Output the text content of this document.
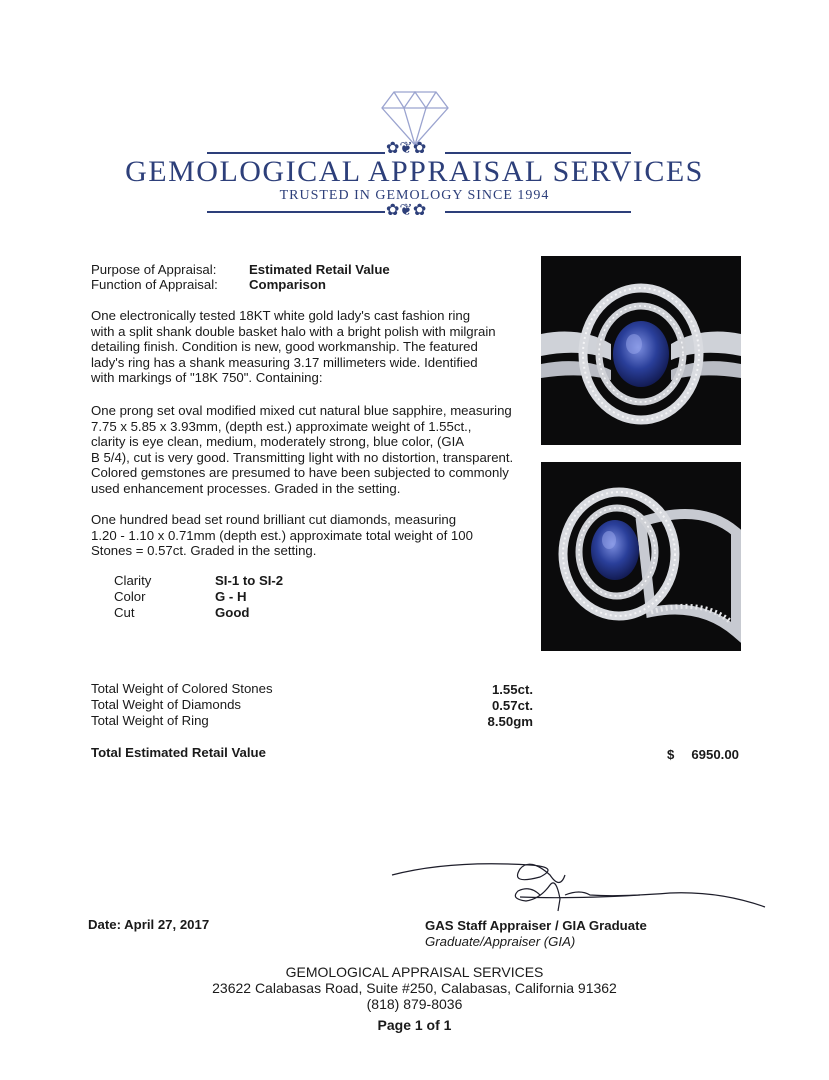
✿❦✿
GEMOLOGICAL APPRAISAL SERVICES
TRUSTED IN GEMOLOGY SINCE 1994
✿❦✿
Purpose of Appraisal: Estimated Retail Value
Function of Appraisal: Comparison
One electronically tested 18KT white gold lady's cast fashion ring
with a split shank double basket halo with a bright polish with milgrain
detailing finish. Condition is new, good workmanship. The featured
lady's ring has a shank measuring 3.17 millimeters wide. Identified
with markings of "18K 750". Containing:
One prong set oval modified mixed cut natural blue sapphire, measuring
7.75 x 5.85 x 3.93mm, (depth est.) approximate weight of 1.55ct.,
clarity is eye clean, medium, moderately strong, blue color, (GIA
B 5/4), cut is very good. Transmitting light with no distortion, transparent.
Colored gemstones are presumed to have been subjected to commonly
used enhancement processes. Graded in the setting.
One hundred bead set round brilliant cut diamonds, measuring
1.20 - 1.10 x 0.71mm (depth est.) approximate total weight of 100
Stones = 0.57ct. Graded in the setting.
Clarity	SI-1 to SI-2
Color	G - H
Cut	Good
Total Weight of Colored Stones	1.55ct.
Total Weight of Diamonds	0.57ct.
Total Weight of Ring	8.50gm
Total Estimated Retail Value	$	6950.00
Date: April 27, 2017	GAS Staff Appraiser / GIA Graduate
Graduate/Appraiser (GIA)
GEMOLOGICAL APPRAISAL SERVICES
23622 Calabasas Road, Suite #250, Calabasas, California 91362
(818) 879-8036
Page 1 of 1
